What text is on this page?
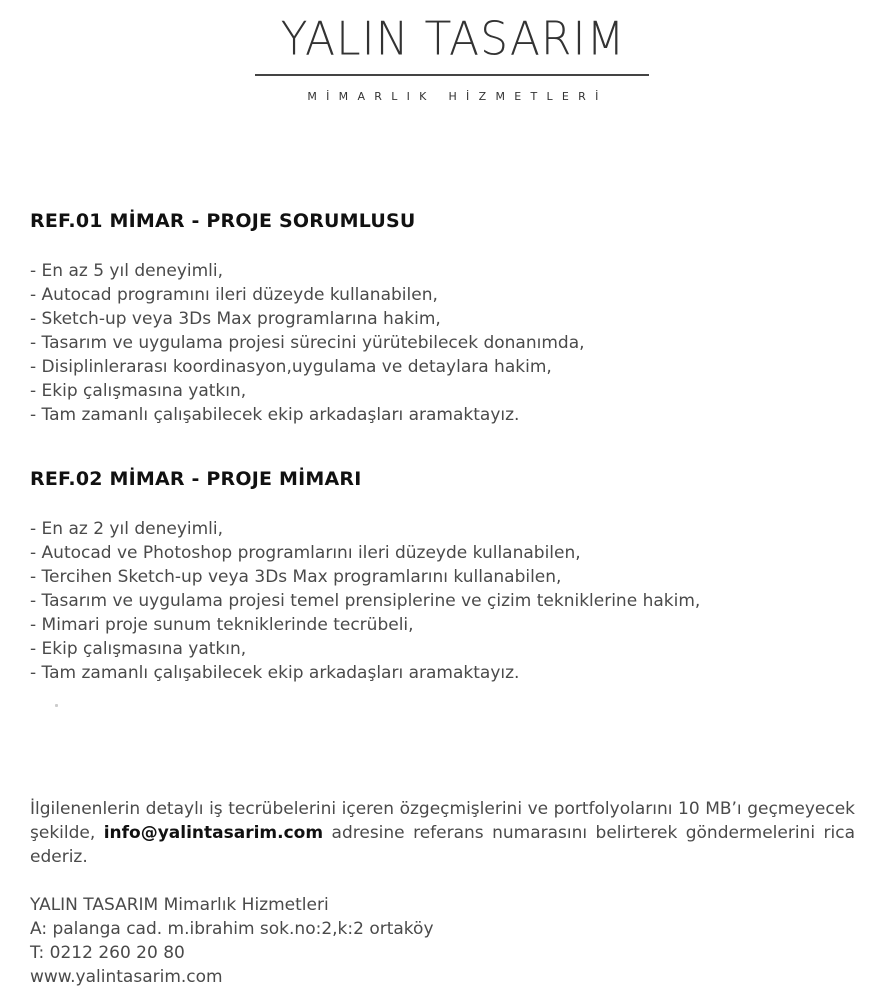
YALIN TASARIM
MİMARLIK HİZMETLERİ
REF.01 MİMAR - PROJE SORUMLUSU
- En az 5 yıl deneyimli,
- Autocad programını ileri düzeyde kullanabilen,
- Sketch-up veya 3Ds Max programlarına hakim,
- Tasarım ve uygulama projesi sürecini yürütebilecek donanımda,
- Disiplinlerarası koordinasyon,uygulama ve detaylara hakim,
- Ekip çalışmasına yatkın,
- Tam zamanlı çalışabilecek ekip arkadaşları aramaktayız.
REF.02 MİMAR - PROJE MİMARI
- En az 2 yıl deneyimli,
- Autocad ve Photoshop programlarını ileri düzeyde kullanabilen,
- Tercihen Sketch-up veya 3Ds Max programlarını kullanabilen,
- Tasarım ve uygulama projesi temel prensiplerine ve çizim tekniklerine hakim,
- Mimari proje sunum tekniklerinde tecrübeli,
- Ekip çalışmasına yatkın,
- Tam zamanlı çalışabilecek ekip arkadaşları aramaktayız.

İlgilenenlerin detaylı iş tecrübelerini içeren özgeçmişlerini ve portfolyolarını 10 MB’ı geçmeyecek şekilde, info@yalintasarim.com adresine referans numarasını belirterek göndermelerini rica ederiz.

YALIN TASARIM Mimarlık Hizmetleri
A: palanga cad. m.ibrahim sok.no:2,k:2 ortaköy
T: 0212 260 20 80
www.yalintasarim.com
